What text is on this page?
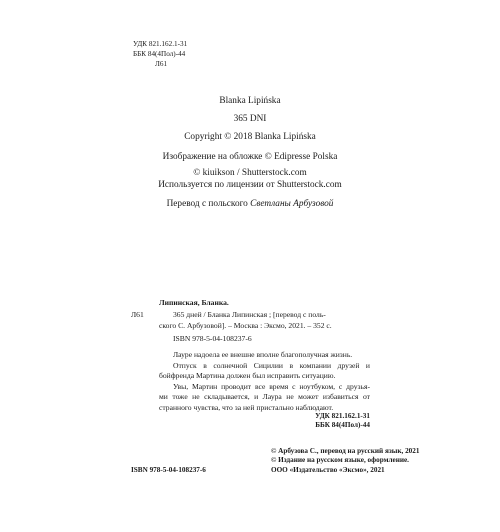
УДК 821.162.1-31
ББК 84(4Пол)-44
Л61
Blanka Lipińska
365 DNI
Copyright © 2018 Blanka Lipińska
Изображение на обложке © Edipresse Polska
© kiuikson / Shutterstock.com
Используется по лицензии от Shutterstock.com
Перевод с польского Светланы Арбузовой
Л61
Липинская, Бланка.
365 дней / Бланка Липинская ; [перевод с поль-
ского С. Арбузовой]. – Москва : Эксмо, 2021. – 352 с.
ISBN 978-5-04-108237-6
Лауре надоела ее внешне вполне благополучная жизнь.
Отпуск в солнечной Сицилии в компании друзей и
бойфренда Мартина должен был исправить ситуацию.
Увы, Мартин проводит все время с ноутбуком, с друзья-
ми тоже не складывается, и Лаура не может избавиться от
странного чувства, что за ней пристально наблюдают.
УДК 821.162.1-31
ББК 84(4Пол)-44
ISBN 978-5-04-108237-6
© Арбузова С., перевод на русский язык, 2021
© Издание на русском языке, оформление.
ООО «Издательство «Эксмо», 2021
